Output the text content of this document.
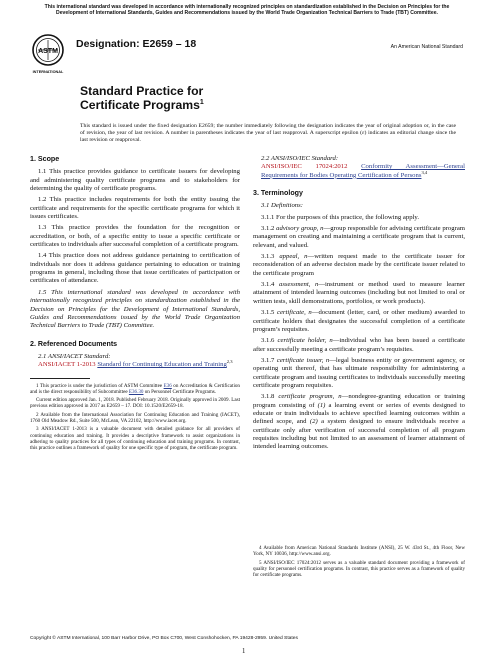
This international standard was developed in accordance with internationally recognized principles on standardization established in the Decision on Principles for the Development of International Standards, Guides and Recommendations issued by the World Trade Organization Technical Barriers to Trade (TBT) Committee.
ASTM
INTERNATIONAL
Designation: E2659 – 18	An American National Standard
Standard Practice for
Certificate Programs$^1$
This standard is issued under the fixed designation E2659; the number immediately following the designation indicates the year of original adoption or, in the case of revision, the year of last revision. A number in parentheses indicates the year of last reapproval. A superscript epsilon (ε) indicates an editorial change since the last revision or reapproval.
1. Scope

1.1 This practice provides guidance to certificate issuers for developing and administering quality certificate programs and to stakeholders for determining the quality of certificate programs.

1.2 This practice includes requirements for both the entity issuing the certificate and requirements for the specific certificate programs for which it issues certificates.

1.3 This practice provides the foundation for the recognition or accreditation, or both, of a specific entity to issue a specific certificate or certificates to individuals after successful completion of a certificate program.

1.4 This practice does not address guidance pertaining to certification of individuals nor does it address guidance pertaining to education or training programs in general, including those that issue certificates of participation or certificates of attendance.

1.5 This international standard was developed in accordance with internationally recognized principles on standardization established in the Decision on Principles for the Development of International Standards, Guides and Recommendations issued by the World Trade Organization Technical Barriers to Trade (TBT) Committee.

2. Referenced Documents

2.1 ANSI/IACET Standard:

ANSI/IACET 1-2013 Standard for Continuing Education and Training$^{2,3}$

1 This practice is under the jurisdiction of ASTM Committee E36 on Accreditation & Certification and is the direct responsibility of Subcommittee E36.30 on Personnel Certificate Programs.
Current edition approved Jan. 1, 2018. Published February 2018. Originally approved in 2009. Last previous edition approved in 2017 as E2659 – 17. DOI: 10.1520/E2659-18.
2 Available from the International Association for Continuing Education and Training (IACET), 1760 Old Meadow Rd., Suite 500, McLean, VA 22102, http://www.iacet.org.
3 ANSI/IACET 1-2013 is a valuable document with detailed guidance for all providers of continuing education and training. It provides a descriptive framework to assist organizations in adhering to quality practices for all types of continuing education and training programs. In contrast, this practice outlines a framework of quality for one specific type of program, the certificate program.

2.2 ANSI/ISO/IEC Standard:

ANSI/ISO/IEC 17024:2012 Conformity Assessment—General Requirements for Bodies Operating Certification of Persons$^{3,4}$

3. Terminology

3.1 Definitions:

3.1.1 For the purposes of this practice, the following apply.

3.1.2 advisory group, n—group responsible for advising certificate program management on creating and maintaining a certificate program that is current, relevant, and valued.

3.1.3 appeal, n—written request made to the certificate issuer for reconsideration of an adverse decision made by the certificate issuer related to the certificate program

3.1.4 assessment, n—instrument or method used to measure learner attainment of intended learning outcomes (including but not limited to oral or written tests, skill demonstrations, portfolios, or work products).

3.1.5 certificate, n—document (letter, card, or other medium) awarded to certificate holders that designates the successful completion of a certificate program’s requisites.

3.1.6 certificate holder, n—individual who has been issued a certificate after successfully meeting a certificate program’s requisites.

3.1.7 certificate issuer, n—legal business entity or government agency, or operating unit thereof, that has ultimate responsibility for administering a certificate program and issuing certificates to individuals successfully meeting certificate program requisites.

3.1.8 certificate program, n—nondegree-granting education or training program consisting of (1) a learning event or series of events designed to educate or train individuals to achieve specified learning outcomes within a defined scope, and (2) a system designed to ensure individuals receive a certificate only after verification of successful completion of all program requisites including but not limited to an assessment of learner attainment of intended learning outcomes.

4 Available from American National Standards Institute (ANSI), 25 W. 43rd St., 4th Floor, New York, NY 10036, http://www.ansi.org.
5 ANSI/ISO/IEC 17024:2012 serves as a valuable standard document providing a framework of quality for personnel certification programs. In contrast, this practice serves as a framework of quality for certificate programs.
Copyright © ASTM International, 100 Barr Harbor Drive, PO Box C700, West Conshohocken, PA 19428-2959. United States
1
